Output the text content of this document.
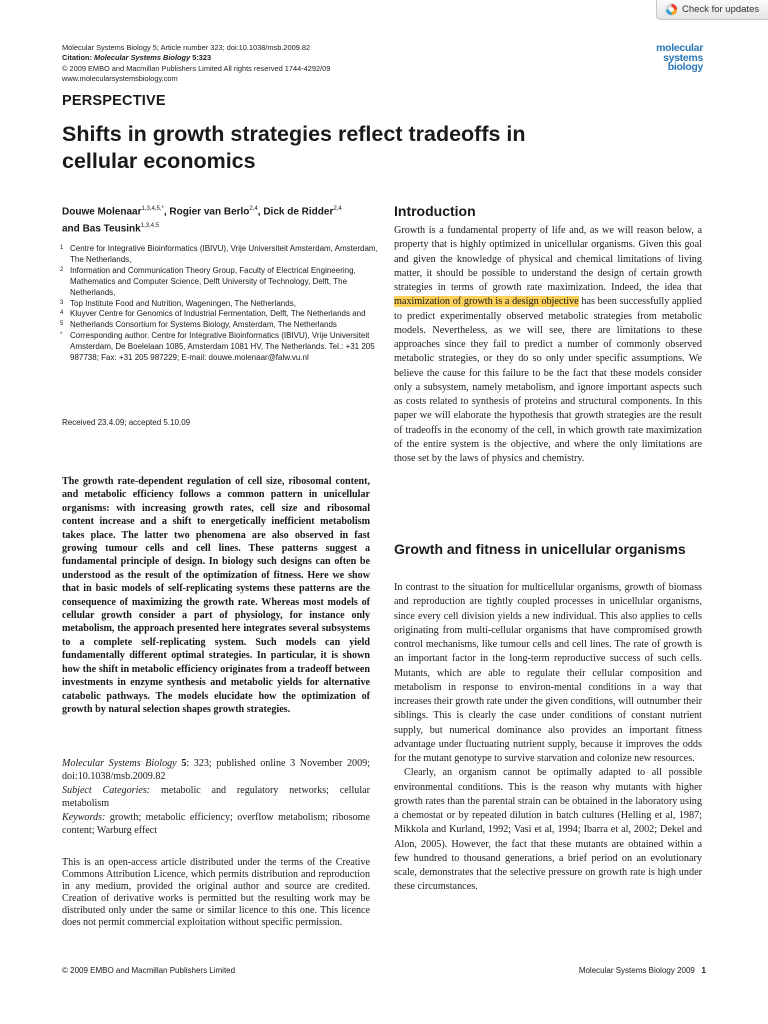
Check for updates
Molecular Systems Biology 5; Article number 323; doi:10.1038/msb.2009.82
Citation: Molecular Systems Biology 5:323
© 2009 EMBO and Macmillan Publishers Limited All rights reserved 1744-4292/09
www.molecularsystemsbiology.com
molecular
systems
biology
PERSPECTIVE
Shifts in growth strategies reflect tradeoffs in cellular economics
Douwe Molenaar$^{1,3,4,5,*}$, Rogier van Berlo$^{2,4}$, Dick de Ridder$^{2,4}$
and Bas Teusink$^{1,3,4,5}$
1 Centre for Integrative Bioinformatics (IBIVU), Vrije Universiteit Amsterdam, Amsterdam, The Netherlands,
2 Information and Communication Theory Group, Faculty of Electrical Engineering, Mathematics and Computer Science, Delft University of Technology, Delft, The Netherlands,
3 Top Institute Food and Nutrition, Wageningen, The Netherlands,
4 Kluyver Centre for Genomics of Industrial Fermentation, Delft, The Netherlands and
5 Netherlands Consortium for Systems Biology, Amsterdam, The Netherlands
* Corresponding author. Centre for Integrative Bioinformatics (IBIVU), Vrije Universiteit Amsterdam, De Boelelaan 1085, Amsterdam 1081 HV, The Netherlands. Tel.: +31 205 987738; Fax: +31 205 987229; E-mail: douwe.molenaar@falw.vu.nl
Received 23.4.09; accepted 5.10.09
The growth rate-dependent regulation of cell size, ribosomal content, and metabolic efficiency follows a common pattern in unicellular organisms: with increasing growth rates, cell size and ribosomal content increase and a shift to energetically inefficient metabolism takes place. The latter two phenomena are also observed in fast growing tumour cells and cell lines. These patterns suggest a fundamental principle of design. In biology such designs can often be understood as the result of the optimization of fitness. Here we show that in basic models of self-replicating systems these patterns are the consequence of maximizing the growth rate. Whereas most models of cellular growth consider a part of physiology, for instance only metabolism, the approach presented here integrates several subsystems to a complete self-replicating system. Such models can yield fundamentally different optimal strategies. In particular, it is shown how the shift in metabolic efficiency originates from a tradeoff between investments in enzyme synthesis and metabolic yields for alternative catabolic pathways. The models elucidate how the optimization of growth by natural selection shapes growth strategies.
Molecular Systems Biology 5: 323; published online 3 November 2009; doi:10.1038/msb.2009.82
Subject Categories: metabolic and regulatory networks; cellular metabolism
Keywords: growth; metabolic efficiency; overflow metabolism; ribosome content; Warburg effect
This is an open-access article distributed under the terms of the Creative Commons Attribution Licence, which permits distribution and reproduction in any medium, provided the original author and source are credited. Creation of derivative works is permitted but the resulting work may be distributed only under the same or similar licence to this one. This licence does not permit commercial exploitation without specific permission.
Introduction

Growth is a fundamental property of life and, as we will reason below, a property that is highly optimized in unicellular organisms. Given this goal and given the knowledge of physical and chemical limitations of living matter, it should be possible to understand the design of certain growth strategies in terms of growth rate maximization. Indeed, the idea that maximization of growth is a design objective has been successfully applied to predict experimentally observed metabolic strategies from metabolic models. Nevertheless, as we will see, there are limitations to these approaches since they fail to predict a number of commonly observed metabolic strategies, or they do so only under specific assumptions. We believe the cause for this failure to be the fact that these models consider only a subsystem, namely metabolism, and ignore important aspects such as costs related to synthesis of proteins and structural components. In this paper we will elaborate the hypothesis that growth strategies are the result of tradeoffs in the economy of the cell, in which growth rate maximization of the entire system is the objective, and where the only limitations are those set by the laws of physics and chemistry.

Growth and fitness in unicellular organisms

In contrast to the situation for multicellular organisms, growth of biomass and reproduction are tightly coupled processes in unicellular organisms, since every cell division yields a new individual. This also applies to cells originating from multi-cellular organisms that have compromised growth control mechanisms, like tumour cells and cell lines. The rate of growth is an important factor in the long-term reproductive success of such cells. Mutants, which are able to regulate their cellular composition and metabolism in response to environ-mental conditions in a way that increases their growth rate under the given conditions, will outnumber their siblings. This is clearly the case under conditions of constant nutrient supply, but numerical dominance also provides an important fitness advantage under fluctuating nutrient supply, because it improves the odds for the mutant genotype to survive starvation and colonize new resources.

Clearly, an organism cannot be optimally adapted to all possible environmental conditions. This is the reason why mutants with higher growth rates than the parental strain can be obtained in the laboratory using a chemostat or by repeated dilution in batch cultures (Helling et al, 1987; Mikkola and Kurland, 1992; Vasi et al, 1994; Ibarra et al, 2002; Dekel and Alon, 2005). However, the fact that these mutants are obtained within a few hundred to thousand generations, a brief period on an evolutionary scale, demonstrates that the selective pressure on growth rate is high under these circumstances.

© 2009 EMBO and Macmillan Publishers Limited	Molecular Systems Biology 2009 1
